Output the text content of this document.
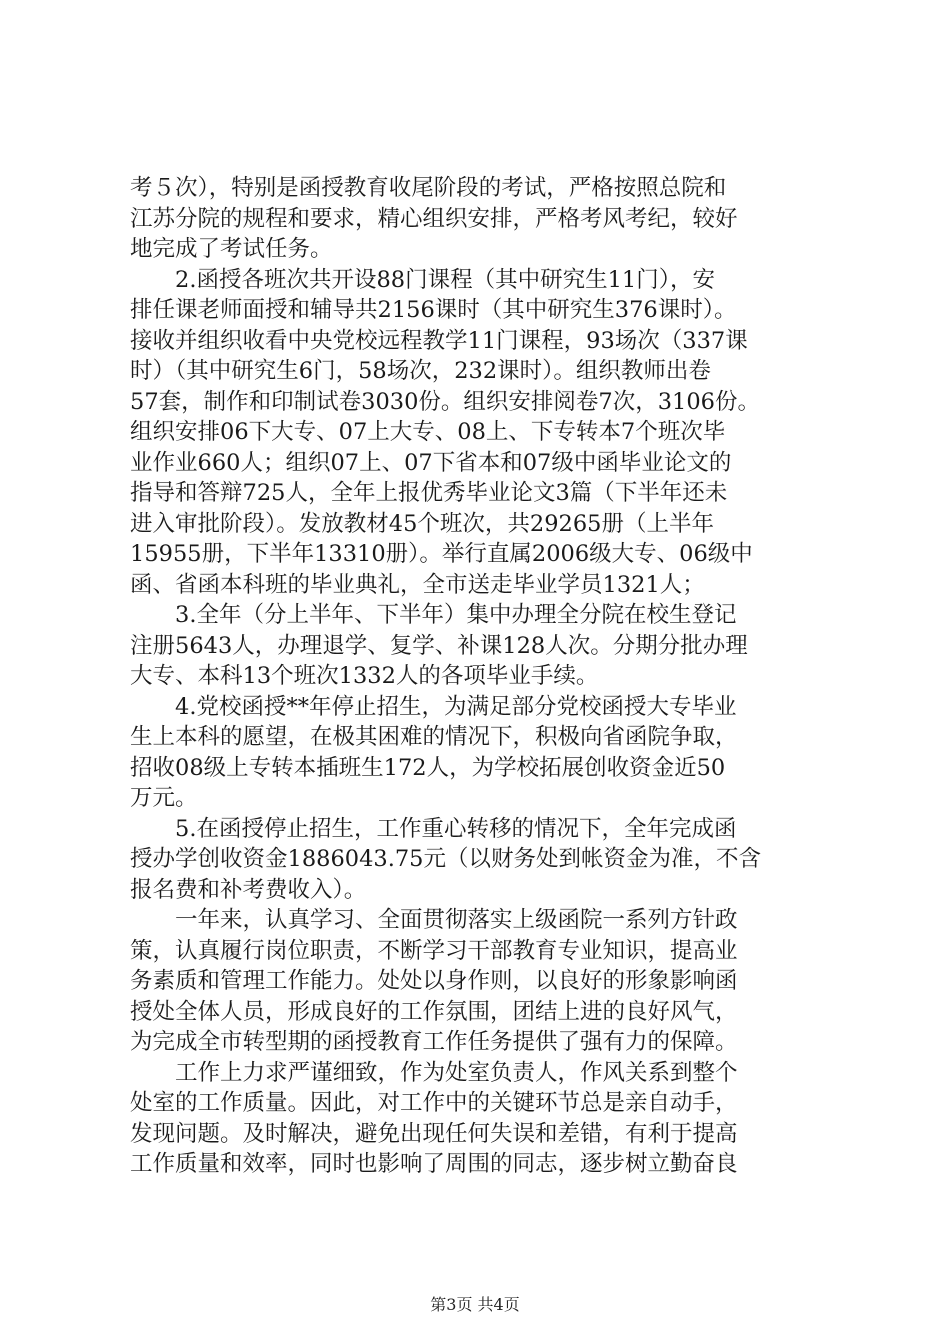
考５次），特别是函授教育收尾阶段的考试，严格按照总院和
江苏分院的规程和要求，精心组织安排，严格考风考纪，较好
地完成了考试任务。
　　2.函授各班次共开设88门课程（其中研究生11门），安
排任课老师面授和辅导共2156课时（其中研究生376课时）。
接收并组织收看中央党校远程教学11门课程，93场次（337课
时）（其中研究生6门，58场次，232课时）。组织教师出卷
57套，制作和印制试卷3030份。组织安排阅卷7次，3106份。
组织安排06下大专、07上大专、08上、下专转本7个班次毕
业作业660人；组织07上、07下省本和07级中函毕业论文的
指导和答辩725人，全年上报优秀毕业论文3篇（下半年还未
进入审批阶段）。发放教材45个班次，共29265册（上半年
15955册，下半年13310册）。举行直属2006级大专、06级中
函、省函本科班的毕业典礼，全市送走毕业学员1321人；
　　3.全年（分上半年、下半年）集中办理全分院在校生登记
注册5643人，办理退学、复学、补课128人次。分期分批办理
大专、本科13个班次1332人的各项毕业手续。
　　4.党校函授**年停止招生，为满足部分党校函授大专毕业
生上本科的愿望，在极其困难的情况下，积极向省函院争取，
招收08级上专转本插班生172人，为学校拓展创收资金近50
万元。
　　5.在函授停止招生，工作重心转移的情况下，全年完成函
授办学创收资金1886043.75元（以财务处到帐资金为准，不含
报名费和补考费收入）。
　　一年来，认真学习、全面贯彻落实上级函院一系列方针政
策，认真履行岗位职责，不断学习干部教育专业知识，提高业
务素质和管理工作能力。处处以身作则，以良好的形象影响函
授处全体人员，形成良好的工作氛围，团结上进的良好风气，
为完成全市转型期的函授教育工作任务提供了强有力的保障。
　　工作上力求严谨细致，作为处室负责人，作风关系到整个
处室的工作质量。因此，对工作中的关键环节总是亲自动手，
发现问题。及时解决，避免出现任何失误和差错，有利于提高
工作质量和效率，同时也影响了周围的同志，逐步树立勤奋良
第3页 共4页
